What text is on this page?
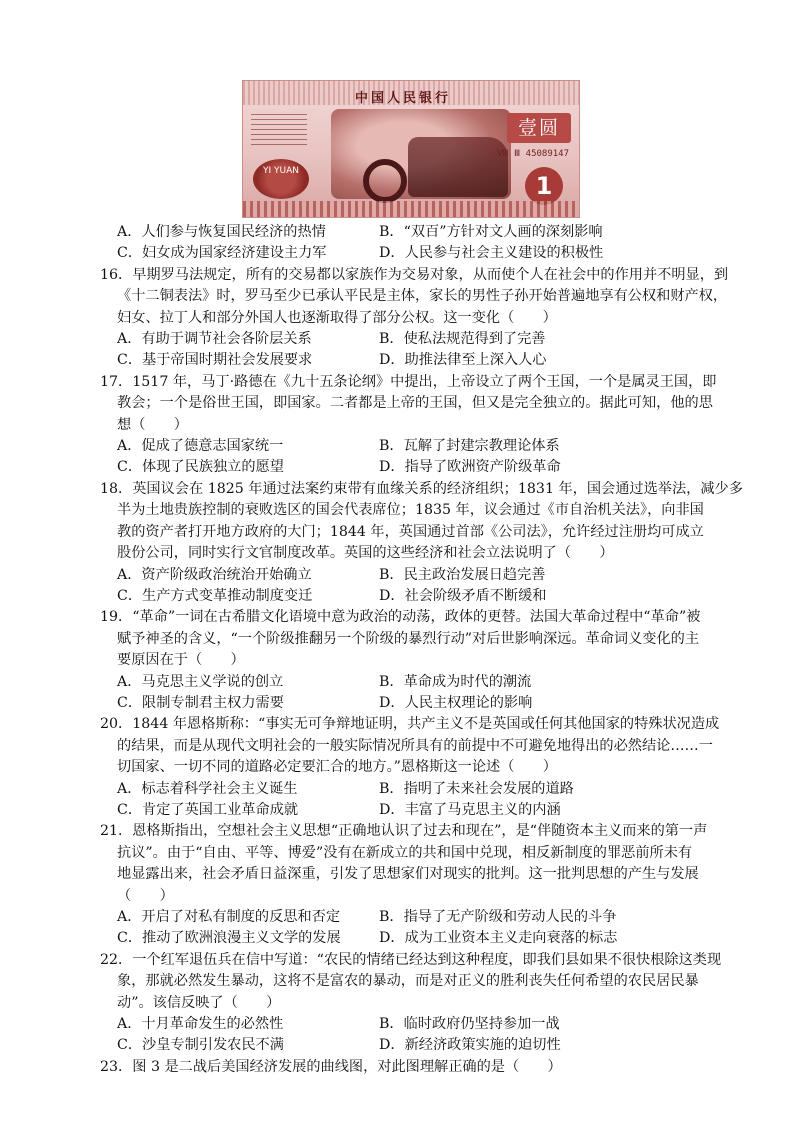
中国人民银行
YI YUAN
壹圆
Ⅷ Ⅲ 45089147
1
A．人们参与恢复国民经济的热情	B．“双百”方针对文人画的深刻影响
C．妇女成为国家经济建设主力军	D．人民参与社会主义建设的积极性
16．早期罗马法规定，所有的交易都以家族作为交易对象，从而使个人在社会中的作用并不明显，到
《十二铜表法》时，罗马至少已承认平民是主体，家长的男性子孙开始普遍地享有公权和财产权，
妇女、拉丁人和部分外国人也逐渐取得了部分公权。这一变化（　　）
A．有助于调节社会各阶层关系	B．使私法规范得到了完善
C．基于帝国时期社会发展要求	D．助推法律至上深入人心
17．1517 年，马丁·路德在《九十五条论纲》中提出，上帝设立了两个王国，一个是属灵王国，即
教会；一个是俗世王国，即国家。二者都是上帝的王国，但又是完全独立的。据此可知，他的思
想（　　）
A．促成了德意志国家统一	B．瓦解了封建宗教理论体系
C．体现了民族独立的愿望	D．指导了欧洲资产阶级革命
18．英国议会在 1825 年通过法案约束带有血缘关系的经济组织；1831 年，国会通过选举法，减少多
半为土地贵族控制的衰败选区的国会代表席位；1835 年，议会通过《市自治机关法》，向非国
教的资产者打开地方政府的大门；1844 年，英国通过首部《公司法》，允许经过注册均可成立
股份公司，同时实行文官制度改革。英国的这些经济和社会立法说明了（　　）
A．资产阶级政治统治开始确立	B．民主政治发展日趋完善
C．生产方式变革推动制度变迁	D．社会阶级矛盾不断缓和
19．“革命”一词在古希腊文化语境中意为政治的动荡，政体的更替。法国大革命过程中“革命”被
赋予神圣的含义，“一个阶级推翻另一个阶级的暴烈行动”对后世影响深远。革命词义变化的主
要原因在于（　　）
A．马克思主义学说的创立	B．革命成为时代的潮流
C．限制专制君主权力需要	D．人民主权理论的影响
20．1844 年恩格斯称：“事实无可争辩地证明，共产主义不是英国或任何其他国家的特殊状况造成
的结果，而是从现代文明社会的一般实际情况所具有的前提中不可避免地得出的必然结论……一
切国家、一切不同的道路必定要汇合的地方。”恩格斯这一论述（　　）
A．标志着科学社会主义诞生	B．指明了未来社会发展的道路
C．肯定了英国工业革命成就	D．丰富了马克思主义的内涵
21．恩格斯指出，空想社会主义思想“正确地认识了过去和现在”，是“伴随资本主义而来的第一声
抗议”。由于“自由、平等、博爱”没有在新成立的共和国中兑现，相反新制度的罪恶前所未有
地显露出来，社会矛盾日益深重，引发了思想家们对现实的批判。这一批判思想的产生与发展
（　　）
A．开启了对私有制度的反思和否定	B．指导了无产阶级和劳动人民的斗争
C．推动了欧洲浪漫主义文学的发展	D．成为工业资本主义走向衰落的标志
22．一个红军退伍兵在信中写道：“农民的情绪已经达到这种程度，即我们县如果不很快根除这类现
象，那就必然发生暴动，这将不是富农的暴动，而是对正义的胜利丧失任何希望的农民居民暴
动”。该信反映了（　　）
A．十月革命发生的必然性	B．临时政府仍坚持参加一战
C．沙皇专制引发农民不满	D．新经济政策实施的迫切性
23．图 3 是二战后美国经济发展的曲线图，对此图理解正确的是（　　）
